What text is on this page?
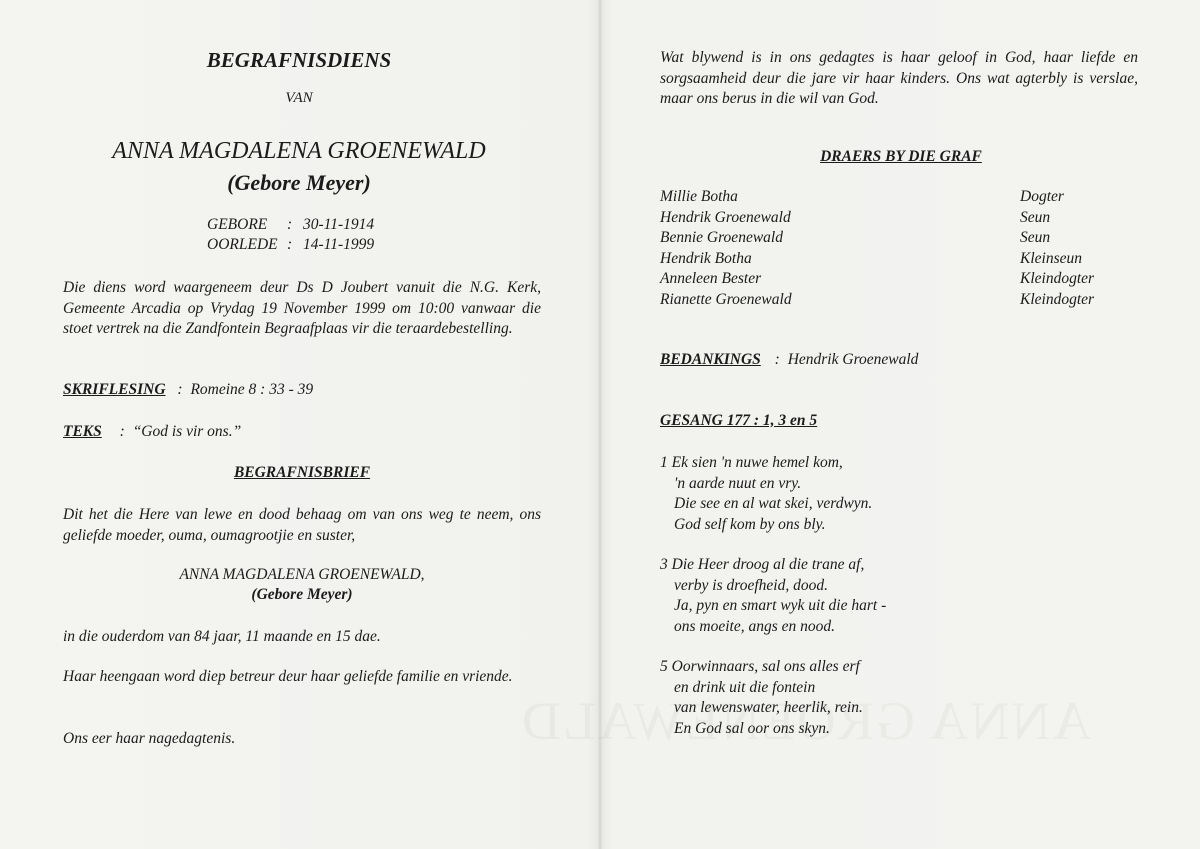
BEGRAFNISDIENS
VAN
ANNA MAGDALENA GROENEWALD
(Gebore Meyer)
GEBORE : 30-11-1914
OORLEDE : 14-11-1999
Die diens word waargeneem deur Ds D Joubert vanuit die N.G. Kerk, Gemeente Arcadia op Vrydag 19 November 1999 om 10:00 vanwaar die stoet vertrek na die Zandfontein Begraafplaas vir die teraardebestelling.
SKRIFLESING : Romeine 8 : 33 - 39
TEKS : “God is vir ons.”
BEGRAFNISBRIEF
Dit het die Here van lewe en dood behaag om van ons weg te neem, ons geliefde moeder, ouma, oumagrootjie en suster,
ANNA MAGDALENA GROENEWALD,
(Gebore Meyer)
in die ouderdom van 84 jaar, 11 maande en 15 dae.
Haar heengaan word diep betreur deur haar geliefde familie en vriende.
Ons eer haar nagedagtenis.
Wat blywend is in ons gedagtes is haar geloof in God, haar liefde en sorgsaamheid deur die jare vir haar kinders. Ons wat agterbly is verslae, maar ons berus in die wil van God.
DRAERS BY DIE GRAF
Millie Botha	Dogter
Hendrik Groenewald	Seun
Bennie Groenewald	Seun
Hendrik Botha	Kleinseun
Anneleen Bester	Kleindogter
Rianette Groenewald	Kleindogter
BEDANKINGS : Hendrik Groenewald
GESANG 177 : 1, 3 en 5
1 Ek sien 'n nuwe hemel kom,
'n aarde nuut en vry.
Die see en al wat skei, verdwyn.
God self kom by ons bly.
3 Die Heer droog al die trane af,
verby is droefheid, dood.
Ja, pyn en smart wyk uit die hart -
ons moeite, angs en nood.
5 Oorwinnaars, sal ons alles erf
en drink uit die fontein
van lewenswater, heerlik, rein.
En God sal oor ons skyn.
